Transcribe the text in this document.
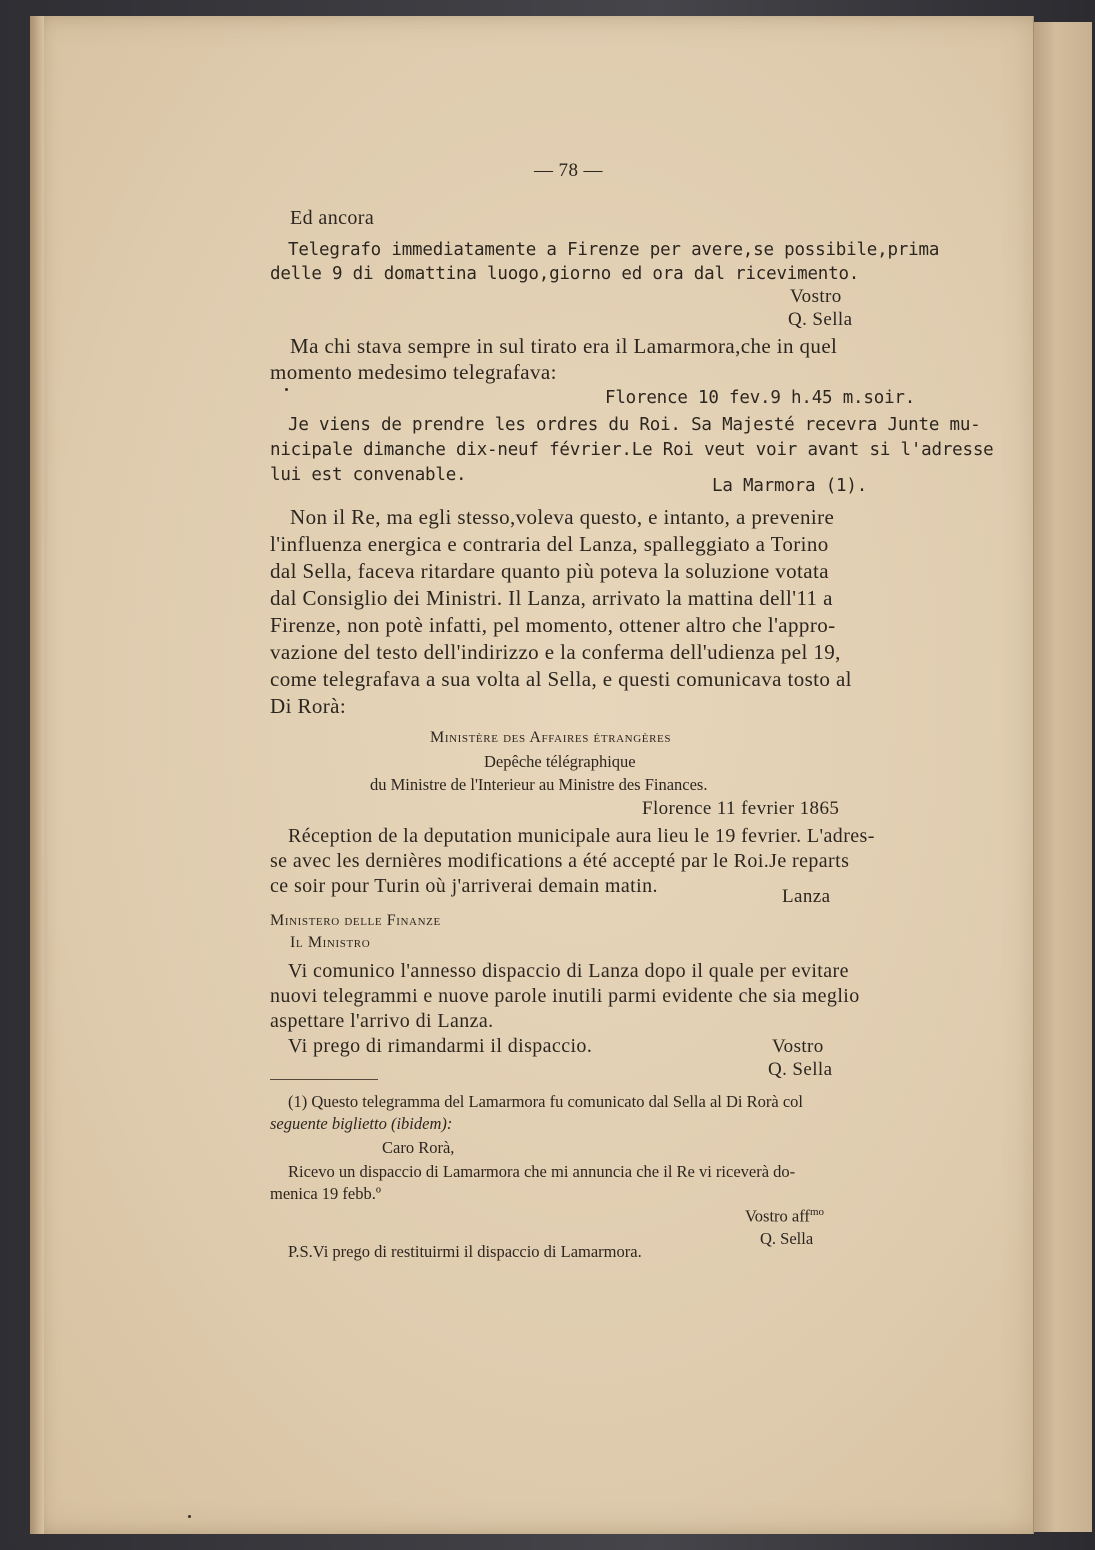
— 78 —
Ed ancora
Telegrafo immediatamente a Firenze per avere,se possibile,prima
delle 9 di domattina luogo,giorno ed ora dal ricevimento.
Vostro
Q. Sella
Ma chi stava sempre in sul tirato era il Lamarmora,che in quel
momento medesimo telegrafava:
Florence 10 fev.9 h.45 m.soir.
Je viens de prendre les ordres du Roi. Sa Majesté recevra Junte mu-
nicipale dimanche dix-neuf février.Le Roi veut voir avant si l'adresse
lui est convenable.
La Marmora (1).
Non il Re, ma egli stesso,voleva questo, e intanto, a prevenire
l'influenza energica e contraria del Lanza, spalleggiato a Torino
dal Sella, faceva ritardare quanto più poteva la soluzione votata
dal Consiglio dei Ministri. Il Lanza, arrivato la mattina dell'11 a
Firenze, non potè infatti, pel momento, ottener altro che l'appro-
vazione del testo dell'indirizzo e la conferma dell'udienza pel 19,
come telegrafava a sua volta al Sella, e questi comunicava tosto al
Di Rorà:
Ministère des Affaires étrangères
Depêche télégraphique
du Ministre de l'Interieur au Ministre des Finances.
Florence 11 fevrier 1865
Réception de la deputation municipale aura lieu le 19 fevrier. L'adres-
se avec les dernières modifications a été accepté par le Roi.Je reparts
ce soir pour Turin où j'arriverai demain matin.	Lanza
Ministero delle Finanze
Il Ministro
Vi comunico l'annesso dispaccio di Lanza dopo il quale per evitare
nuovi telegrammi e nuove parole inutili parmi evidente che sia meglio
aspettare l'arrivo di Lanza.
Vi prego di rimandarmi il dispaccio.	Vostro
Q. Sella
(1) Questo telegramma del Lamarmora fu comunicato dal Sella al Di Rorà col
seguente biglietto (ibidem):
Caro Rorà,
Ricevo un dispaccio di Lamarmora che mi annuncia che il Re vi riceverà do-
menica 19 febb.º
Vostro aff$^{mo}$
Q. Sella
P.S.Vi prego di restituirmi il dispaccio di Lamarmora.
